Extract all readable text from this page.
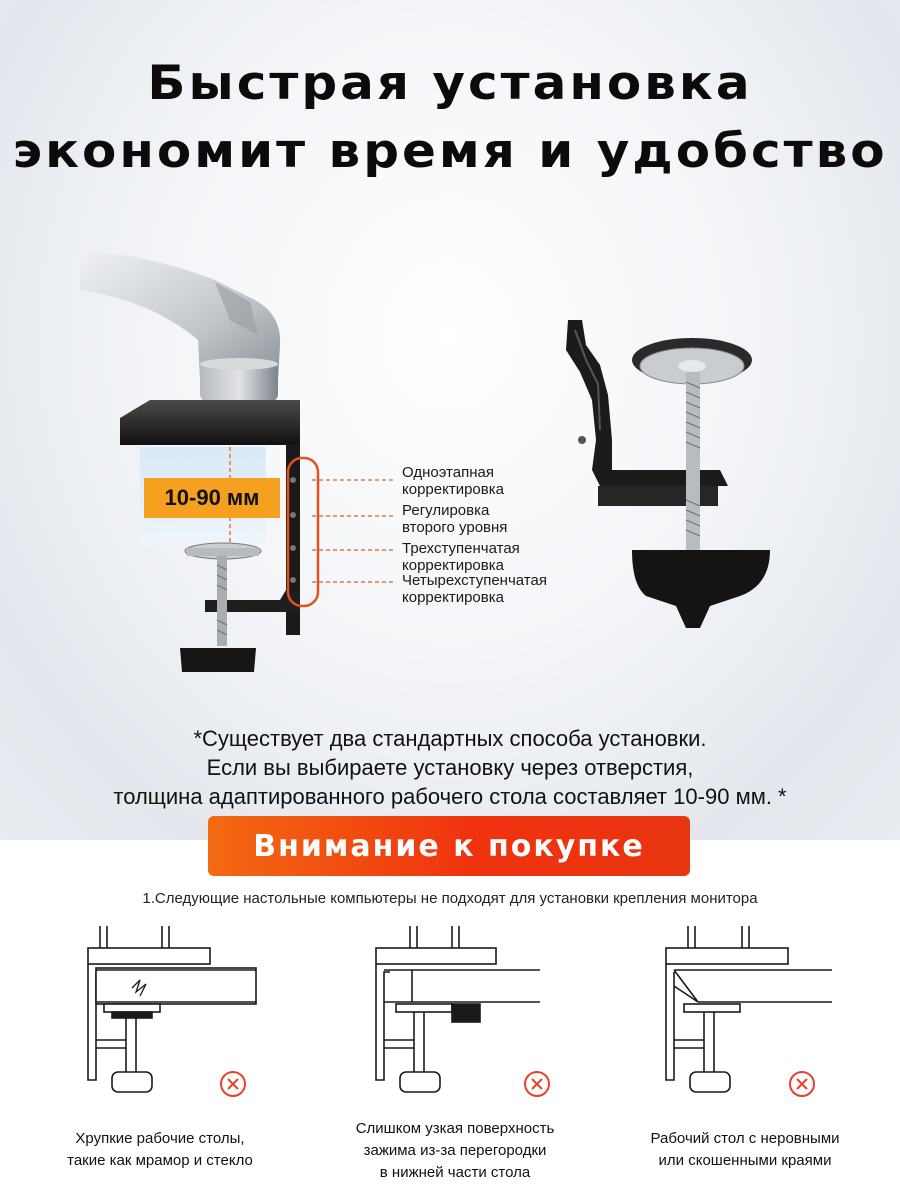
Быстрая установка
экономит время и удобство
10-90 мм
Одноэтапная
корректировка
Регулировка
второго уровня
Трехступенчатая
корректировка
Четырехступенчатая
корректировка
*Существует два стандартных способа установки.
Если вы выбираете установку через отверстия,
толщина адаптированного рабочего стола составляет 10-90 мм. *
Внимание к покупке
1.Следующие настольные компьютеры не подходят для установки крепления монитора
Хрупкие рабочие столы,
такие как мрамор и стекло
Слишком узкая поверхность
зажима из-за перегородки
в нижней части стола
Рабочий стол с неровными
или скошенными краями
